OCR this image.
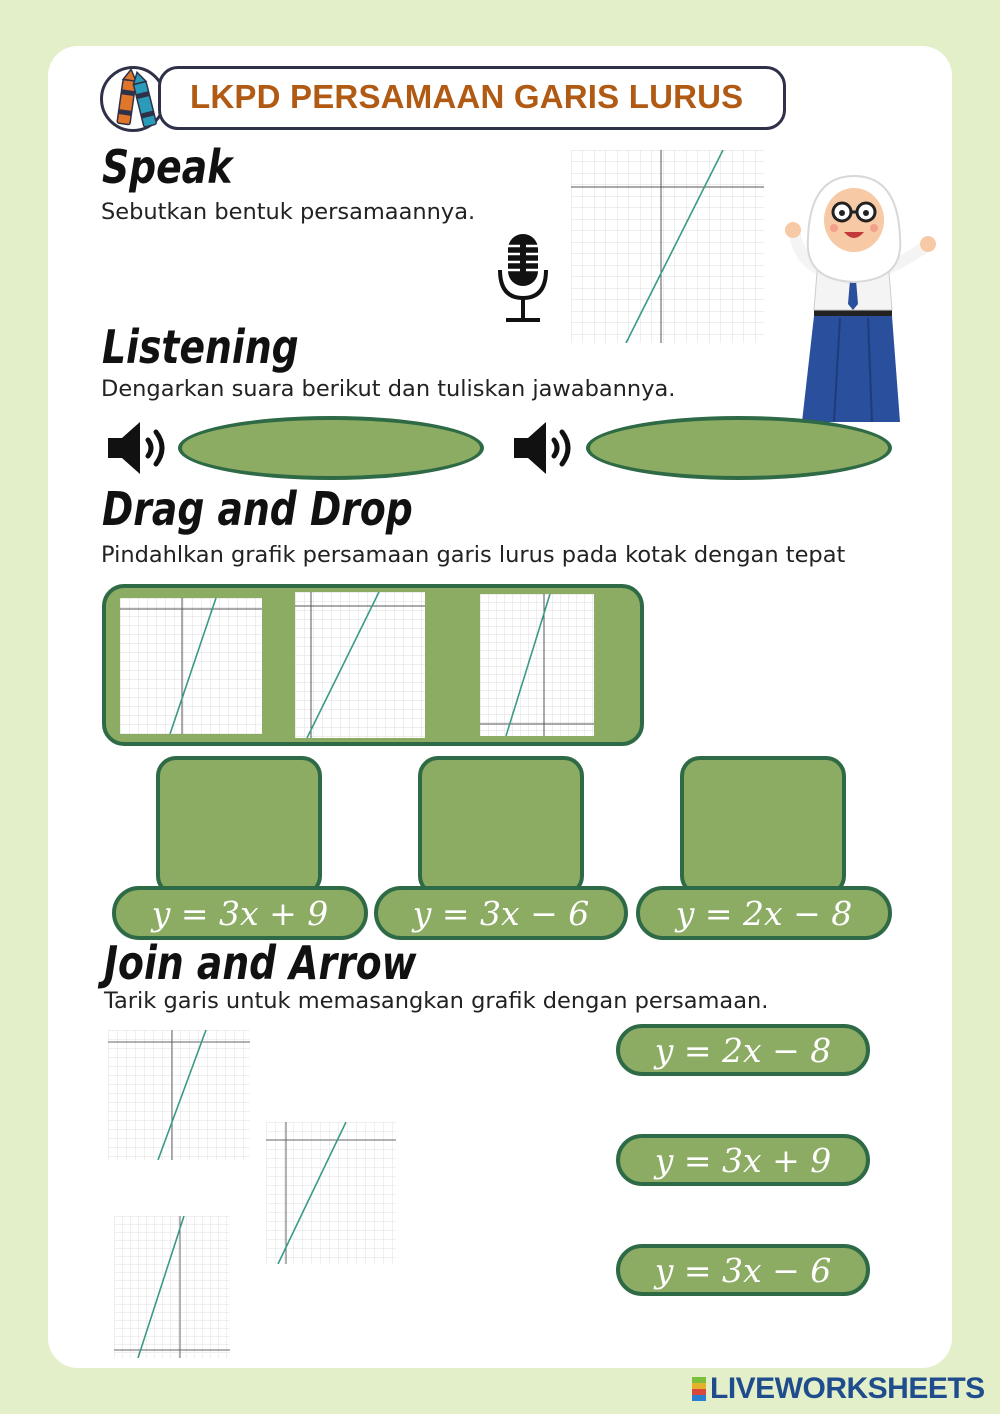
LKPD PERSAMAAN GARIS LURUS
Speak
Sebutkan bentuk persamaannya.
Listening
Dengarkan suara berikut dan tuliskan jawabannya.
Drag and Drop
Pindahlkan grafik persamaan garis lurus pada kotak dengan tepat
y = 3x + 9	y = 3x − 6	y = 2x − 8
Join and Arrow
Tarik garis untuk memasangkan grafik dengan persamaan.
y = 2x − 8
y = 3x + 9
y = 3x − 6
LIVEWORKSHEETS
